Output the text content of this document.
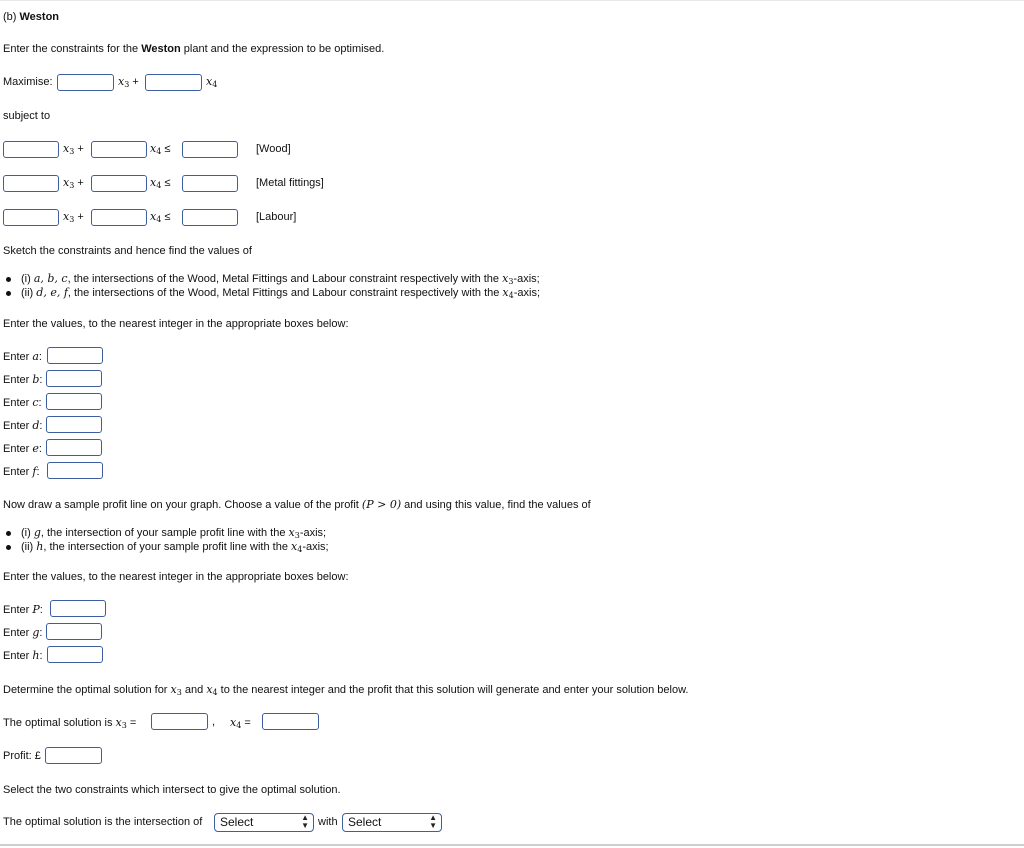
(b) Weston
Enter the constraints for the Weston plant and the expression to be optimised.
Maximise:	$x_3$ +	$x_4$
subject to
$x_3$ +	$x_4$ ≤	[Wood]
$x_3$ +	$x_4$ ≤	[Metal fittings]
$x_3$ +	$x_4$ ≤	[Labour]
Sketch the constraints and hence find the values of
(i) a, b, c, the intersections of the Wood, Metal Fittings and Labour constraint respectively with the $x_3$-axis;
(ii) d, e, f, the intersections of the Wood, Metal Fittings and Labour constraint respectively with the $x_4$-axis;
Enter the values, to the nearest integer in the appropriate boxes below:
Enter a:
Enter b:
Enter c:
Enter d:
Enter e:
Enter f:
Now draw a sample profit line on your graph. Choose a value of the profit (P > 0) and using this value, find the values of
(i) g, the intersection of your sample profit line with the $x_3$-axis;
(ii) h, the intersection of your sample profit line with the $x_4$-axis;
Enter the values, to the nearest integer in the appropriate boxes below:
Enter P:
Enter g:
Enter h:
Determine the optimal solution for $x_3$ and $x_4$ to the nearest integer and the profit that this solution will generate and enter your solution below.
The optimal solution is $x_3$ =	, $x_4$ =
Profit: £
Select the two constraints which intersect to give the optimal solution.
The optimal solution is the intersection of	Select	▲
▼ with Select	▲
▼
